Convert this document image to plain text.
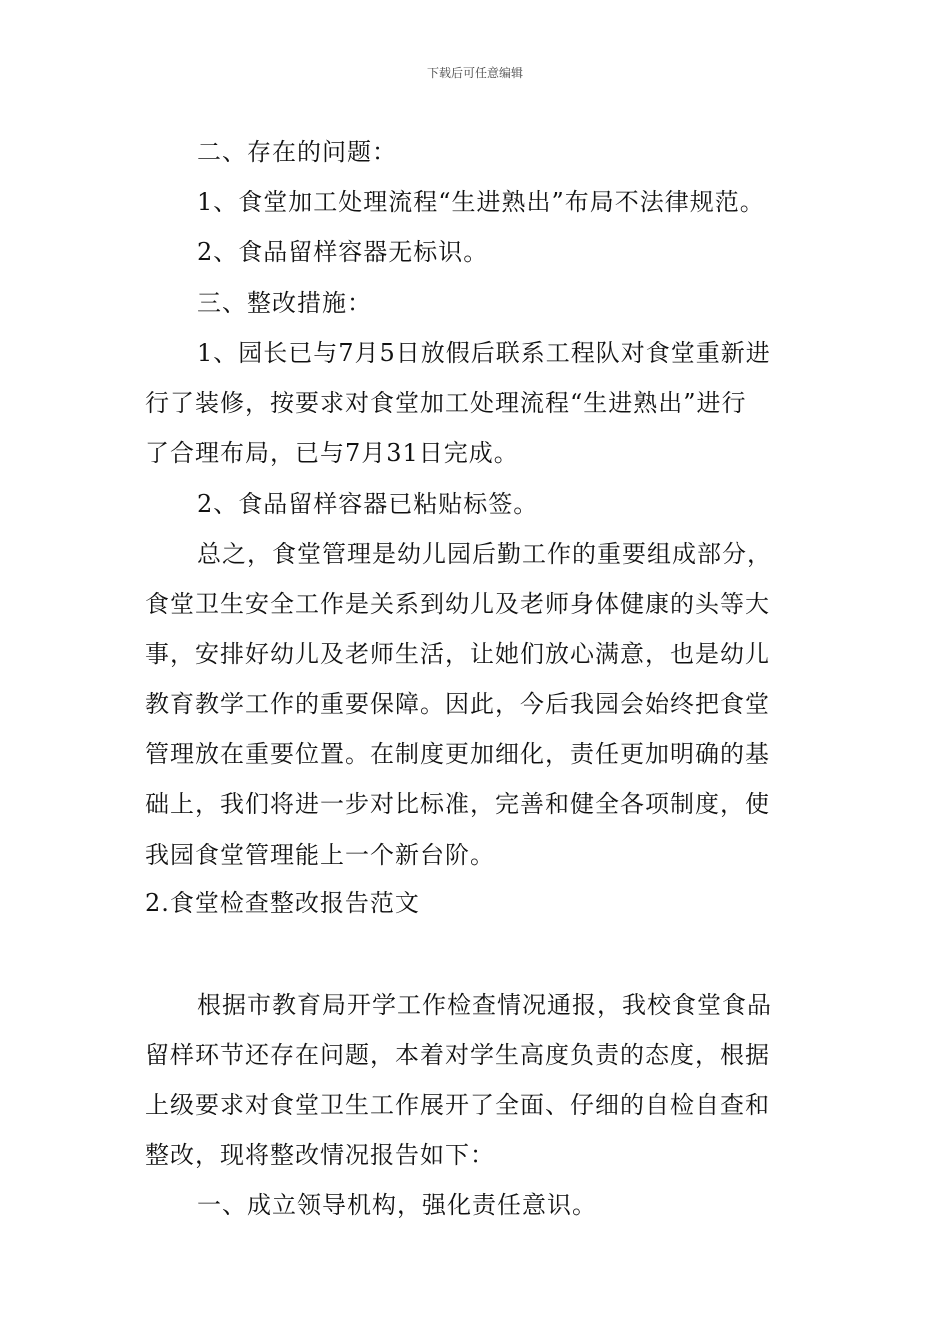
下载后可任意编辑
二、存在的问题：
1、食堂加工处理流程“生进熟出”布局不法律规范。
2、食品留样容器无标识。
三、整改措施：
1、园长已与7月5日放假后联系工程队对食堂重新进
行了装修，按要求对食堂加工处理流程“生进熟出”进行
了合理布局，已与7月31日完成。
2、食品留样容器已粘贴标签。
总之，食堂管理是幼儿园后勤工作的重要组成部分，
食堂卫生安全工作是关系到幼儿及老师身体健康的头等大
事，安排好幼儿及老师生活，让她们放心满意，也是幼儿
教育教学工作的重要保障。因此，今后我园会始终把食堂
管理放在重要位置。在制度更加细化，责任更加明确的基
础上，我们将进一步对比标准，完善和健全各项制度，使
我园食堂管理能上一个新台阶。
2.食堂检查整改报告范文
根据市教育局开学工作检查情况通报，我校食堂食品
留样环节还存在问题，本着对学生高度负责的态度，根据
上级要求对食堂卫生工作展开了全面、仔细的自检自查和
整改，现将整改情况报告如下：
一、成立领导机构，强化责任意识。
